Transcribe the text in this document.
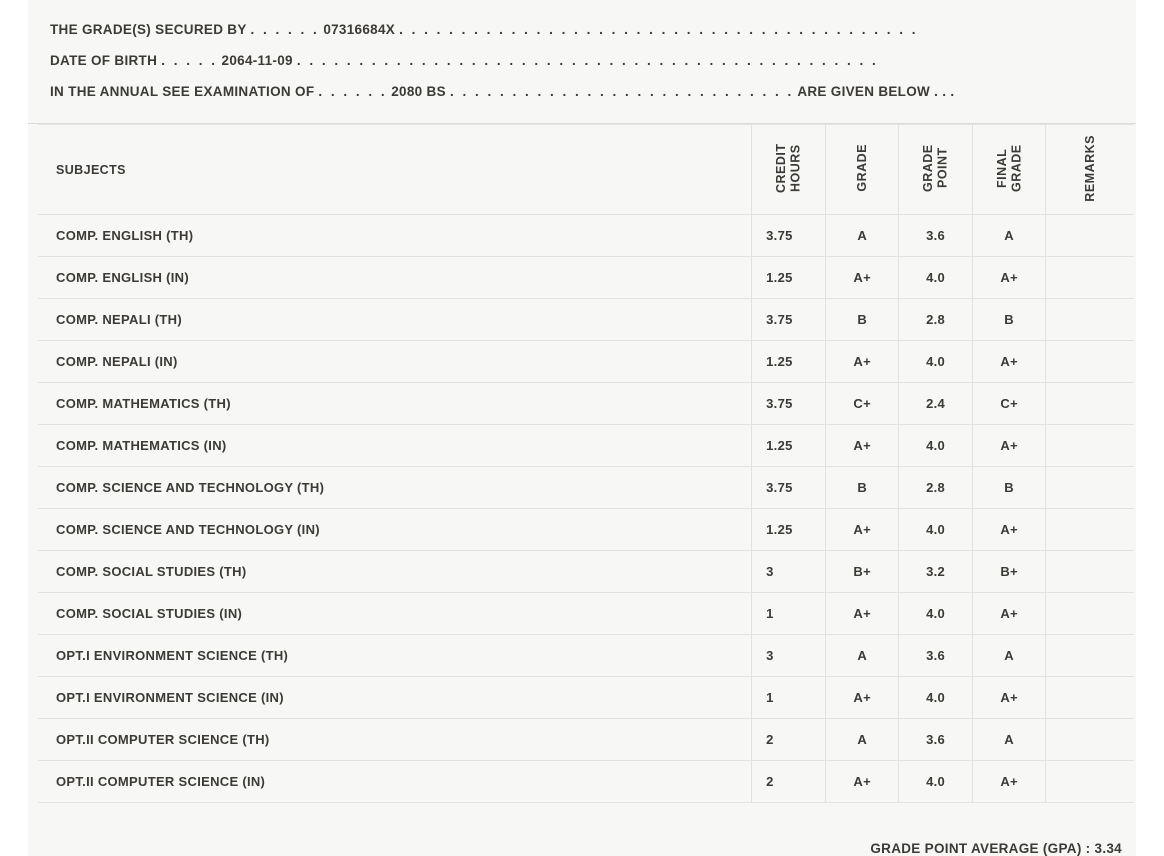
THE GRADE(S) SECURED BY . . . . . . 07316684X . . . . . . . . . . . . . . . . . . . . . . . . . . . . . . . . . . . . . . . . . .
DATE OF BIRTH . . . . . 2064-11-09 . . . . . . . . . . . . . . . . . . . . . . . . . . . . . . . . . . . . . . . . . . . . . . .
IN THE ANNUAL SEE EXAMINATION OF . . . . . . 2080 BS . . . . . . . . . . . . . . . . . . . . . . . . . . . . ARE GIVEN BELOW . . .
SUBJECTS	CREDIT HOURS	GRADE	GRADE POINT	FINAL GRADE	REMARKS
COMP. ENGLISH (TH)	3.75	A	3.6	A	
COMP. ENGLISH (IN)	1.25	A+	4.0	A+	
COMP. NEPALI (TH)	3.75	B	2.8	B	
COMP. NEPALI (IN)	1.25	A+	4.0	A+	
COMP. MATHEMATICS (TH)	3.75	C+	2.4	C+	
COMP. MATHEMATICS (IN)	1.25	A+	4.0	A+	
COMP. SCIENCE AND TECHNOLOGY (TH)	3.75	B	2.8	B	
COMP. SCIENCE AND TECHNOLOGY (IN)	1.25	A+	4.0	A+	
COMP. SOCIAL STUDIES (TH)	3	B+	3.2	B+	
COMP. SOCIAL STUDIES (IN)	1	A+	4.0	A+	
OPT.I ENVIRONMENT SCIENCE (TH)	3	A	3.6	A	
OPT.I ENVIRONMENT SCIENCE (IN)	1	A+	4.0	A+	
OPT.II COMPUTER SCIENCE (TH)	2	A	3.6	A	
OPT.II COMPUTER SCIENCE (IN)	2	A+	4.0	A+	
GRADE POINT AVERAGE (GPA) : 3.34
